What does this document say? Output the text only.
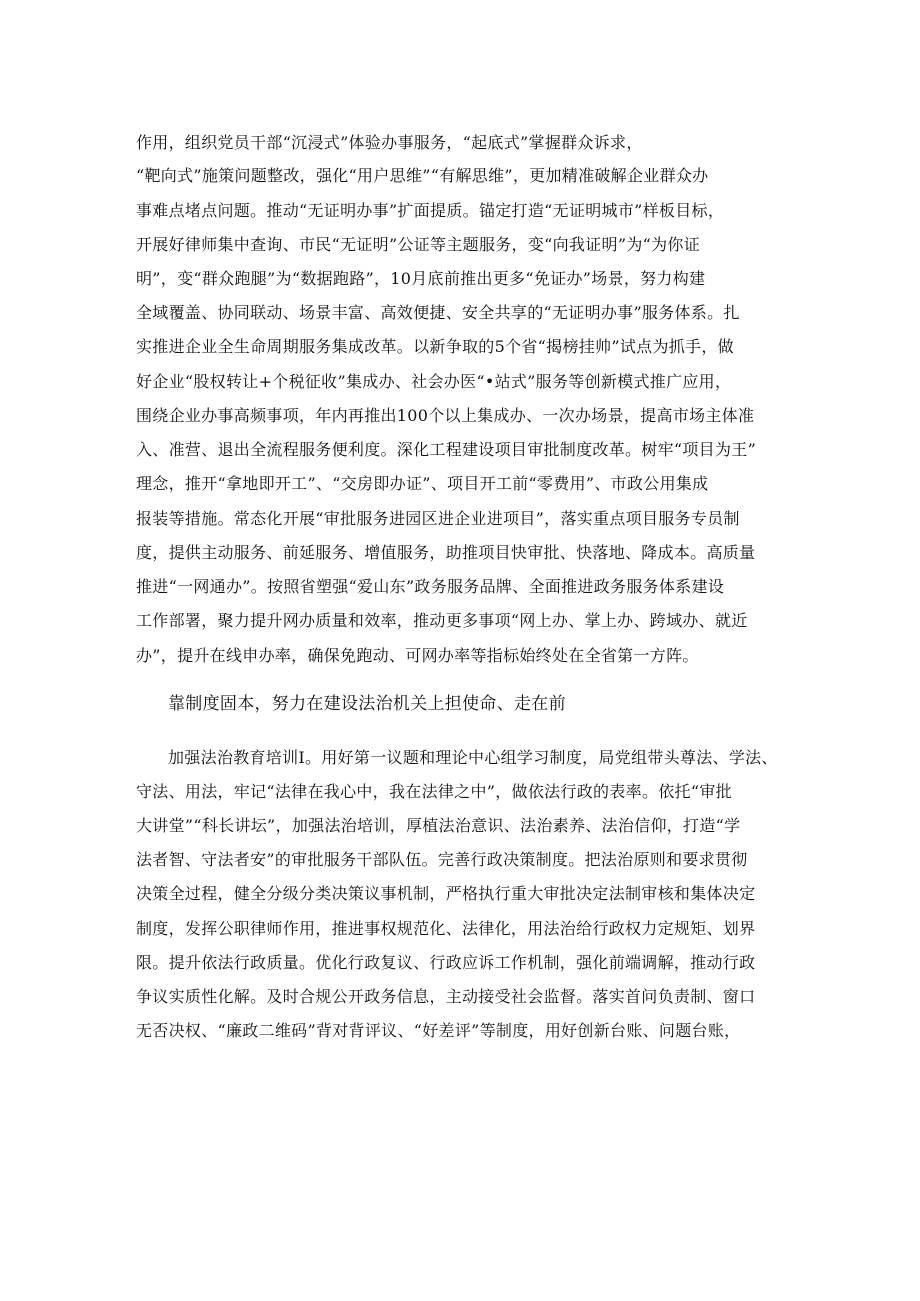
作用，组织党员干部“沉浸式”体验办事服务，“起底式”掌握群众诉求，
“靶向式”施策问题整改，强化“用户思维”“有解思维”，更加精准破解企业群众办
事难点堵点问题。推动“无证明办事”扩面提质。锚定打造“无证明城市”样板目标，
开展好律师集中查询、市民“无证明”公证等主题服务，变“向我证明”为“为你证
明”，变“群众跑腿”为“数据跑路”，10月底前推出更多“免证办”场景，努力构建
全域覆盖、协同联动、场景丰富、高效便捷、安全共享的“无证明办事”服务体系。扎
实推进企业全生命周期服务集成改革。以新争取的5个省“揭榜挂帅”试点为抓手，做
好企业“股权转让+个税征收”集成办、社会办医“•站式”服务等创新模式推广应用，
围绕企业办事高频事项，年内再推出100个以上集成办、一次办场景，提高市场主体准
入、准营、退出全流程服务便利度。深化工程建设项目审批制度改革。树牢“项目为王”
理念，推开“拿地即开工”、“交房即办证”、项目开工前“零费用”、市政公用集成
报装等措施。常态化开展“审批服务进园区进企业进项目”，落实重点项目服务专员制
度，提供主动服务、前延服务、增值服务，助推项目快审批、快落地、降成本。高质量
推进“一网通办”。按照省塑强“爱山东”政务服务品牌、全面推进政务服务体系建设
工作部署，聚力提升网办质量和效率，推动更多事项“网上办、掌上办、跨域办、就近
办”，提升在线申办率，确保免跑动、可网办率等指标始终处在全省第一方阵。
靠制度固本，努力在建设法治机关上担使命、走在前
加强法治教育培训I。用好第一议题和理论中心组学习制度，局党组带头尊法、学法、
守法、用法，牢记“法律在我心中，我在法律之中”，做依法行政的表率。依托“审批
大讲堂”“科长讲坛”，加强法治培训，厚植法治意识、法治素养、法治信仰，打造“学
法者智、守法者安”的审批服务干部队伍。完善行政决策制度。把法治原则和要求贯彻
决策全过程，健全分级分类决策议事机制，严格执行重大审批决定法制审核和集体决定
制度，发挥公职律师作用，推进事权规范化、法律化，用法治给行政权力定规矩、划界
限。提升依法行政质量。优化行政复议、行政应诉工作机制，强化前端调解，推动行政
争议实质性化解。及时合规公开政务信息，主动接受社会监督。落实首问负责制、窗口
无否决权、“廉政二维码”背对背评议、“好差评”等制度，用好创新台账、问题台账，
